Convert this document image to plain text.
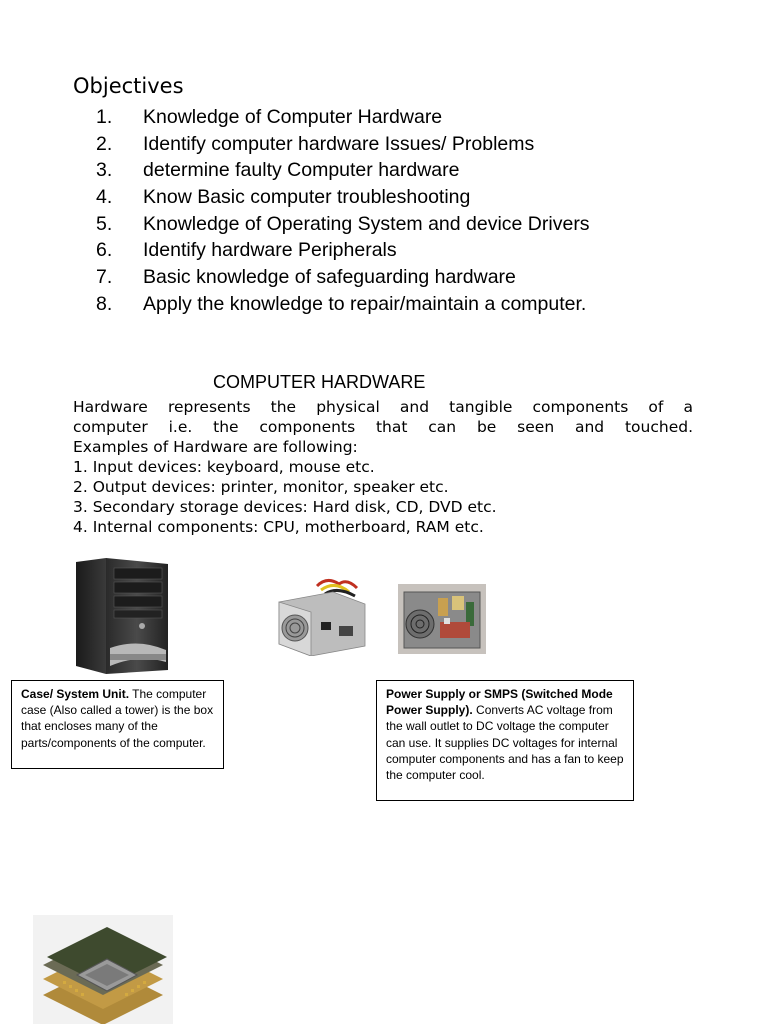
Objectives
1. Knowledge of Computer Hardware
2. Identify computer hardware Issues/ Problems
3. determine faulty Computer hardware
4. Know Basic computer troubleshooting
5. Knowledge of Operating System and device Drivers
6. Identify hardware Peripherals
7. Basic knowledge of safeguarding hardware
8. Apply the knowledge to repair/maintain a computer.
COMPUTER HARDWARE
Hardware represents the physical and tangible components of a
computer i.e. the components that can be seen and touched.
Examples of Hardware are following:
1. Input devices: keyboard, mouse etc.
2. Output devices: printer, monitor, speaker etc.
3. Secondary storage devices: Hard disk, CD, DVD etc.
4. Internal components: CPU, motherboard, RAM etc.
Case/ System Unit. The computer case (Also called a tower) is the box that encloses many of the parts/components of the computer.
Power Supply or SMPS (Switched Mode Power Supply). Converts AC voltage from the wall outlet to DC voltage the computer can use. It supplies DC voltages for internal computer components and has a fan to keep the computer cool.
